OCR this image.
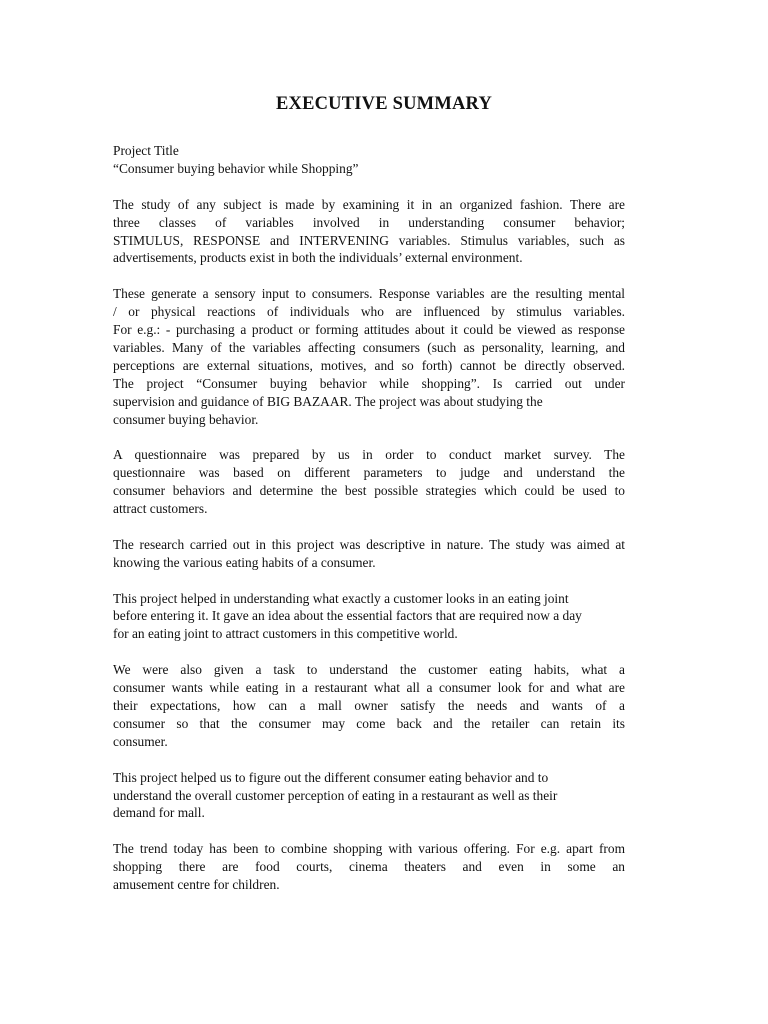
EXECUTIVE SUMMARY
Project Title
“Consumer buying behavior while Shopping”
The study of any subject is made by examining it in an organized fashion. There are
three classes of variables involved in understanding consumer behavior;
STIMULUS, RESPONSE and INTERVENING variables. Stimulus variables, such as
advertisements, products exist in both the individuals’ external environment.
These generate a sensory input to consumers. Response variables are the resulting mental
/ or physical reactions of individuals who are influenced by stimulus variables.
For e.g.: - purchasing a product or forming attitudes about it could be viewed as response
variables. Many of the variables affecting consumers (such as personality, learning, and
perceptions are external situations, motives, and so forth) cannot be directly observed.
The project “Consumer buying behavior while shopping”. Is carried out under
supervision and guidance of BIG BAZAAR. The project was about studying the
consumer buying behavior.
A questionnaire was prepared by us in order to conduct market survey. The
questionnaire was based on different parameters to judge and understand the
consumer behaviors and determine the best possible strategies which could be used to
attract customers.
The research carried out in this project was descriptive in nature. The study was aimed at
knowing the various eating habits of a consumer.
This project helped in understanding what exactly a customer looks in an eating joint
before entering it. It gave an idea about the essential factors that are required now a day
for an eating joint to attract customers in this competitive world.
We were also given a task to understand the customer eating habits, what a
consumer wants while eating in a restaurant what all a consumer look for and what are
their expectations, how can a mall owner satisfy the needs and wants of a
consumer so that the consumer may come back and the retailer can retain its
consumer.
This project helped us to figure out the different consumer eating behavior and to
understand the overall customer perception of eating in a restaurant as well as their
demand for mall.
The trend today has been to combine shopping with various offering. For e.g. apart from
shopping there are food courts, cinema theaters and even in some an
amusement centre for children.
